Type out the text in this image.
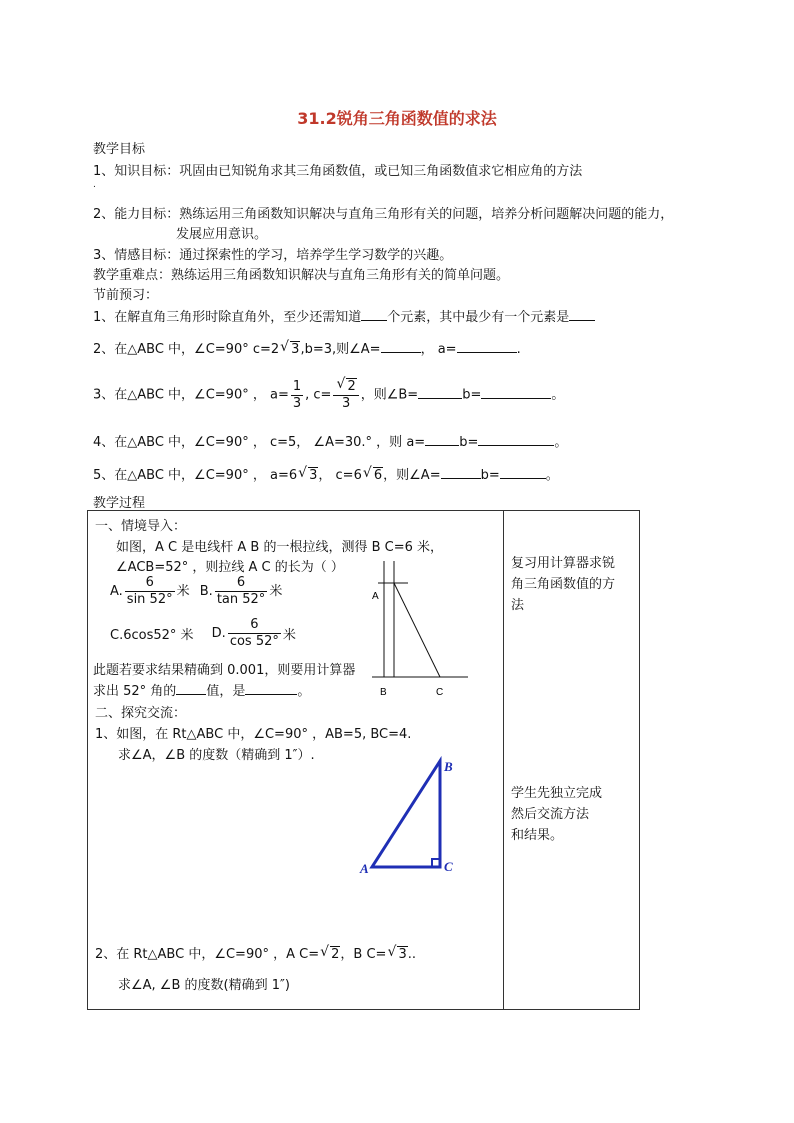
31.2锐角三角函数值的求法
教学目标
1、知识目标：巩固由已知锐角求其三角函数值，或已知三角函数值求它相应角的方法
.
2、能力目标：熟练运用三角函数知识解决与直角三角形有关的问题，培养分析问题解决问题的能力，
发展应用意识。
3、情感目标：通过探索性的学习，培养学生学习数学的兴趣。
教学重难点：熟练运用三角函数知识解决与直角三角形有关的简单问题。
节前预习：
1、在解直角三角形时除直角外，至少还需知道 个元素，其中最少有一个元素是
2、在△ABC 中，∠C=90° c=2 √ 3,b=3,则∠A=	， a=	.
3、在△ABC 中，∠C=90° ， $a= \frac{1}{3}$ , c= √ $\frac{2}{3}$ ，则∠B=	b=	。
4、在△ABC 中，∠C=90° ， c=5， ∠A=30.° ，则 a=	b=	。
5、在△ABC 中，∠C=90° ， a=6 √ 3， c=6 √ 6，则∠A=	b=	。
教学过程
一、情境导入：
如图，A C 是电线杆 A B 的一根拉线，测得 B C=6 米，
∠ACB=52° ，则拉线 A C 的长为（ ）
A. $\frac{6}{\sin 52^\circ}$ 米 B. $\frac{6}{\tan 52^\circ}$ 米
C.6cos52° 米 D. $\frac{6}{\cos 52^\circ}$ 米
此题若要求结果精确到 0.001，则要用计算器
求出 52° 角的 值，是	。
A
B	C
二、探究交流：
1、如图，在 Rt△ABC 中，∠C=90° ，AB=5, BC=4.
求∠A，∠B 的度数（精确到 1″）.
A
B
C
2、在 Rt△ABC 中，∠C=90° ，A C= √ 2，B C= √ 3..
求∠A, ∠B 的度数(精确到 1″)

复习用计算器求锐
角三角函数值的方
法
学生先独立完成
然后交流方法
和结果。
